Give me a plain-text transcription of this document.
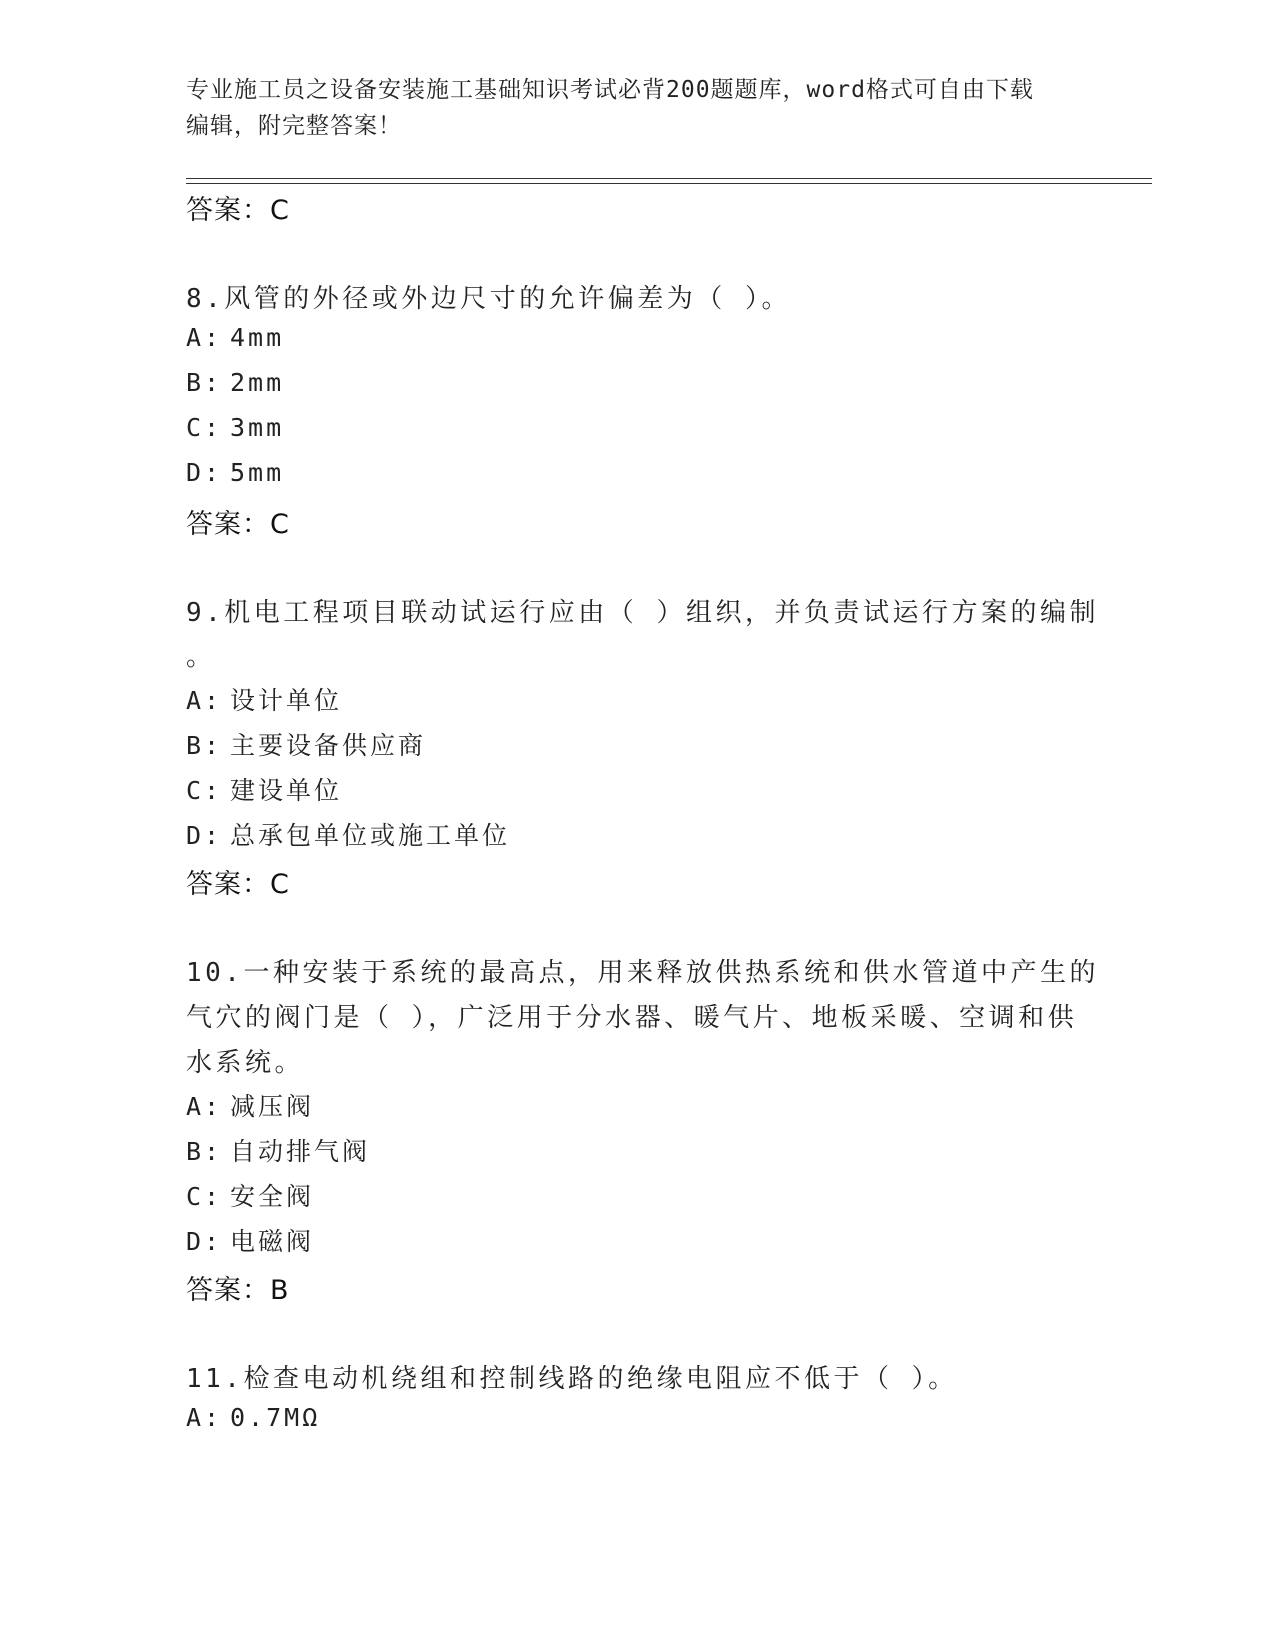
专业施工员之设备安装施工基础知识考试必背200题题库，word格式可自由下载
编辑，附完整答案！
答案：C
8.风管的外径或外边尺寸的允许偏差为（ ）。
A: 4mm
B: 2mm
C: 3mm
D: 5mm
答案：C
9.机电工程项目联动试运行应由（ ）组织，并负责试运行方案的编制
。
A: 设计单位
B: 主要设备供应商
C: 建设单位
D: 总承包单位或施工单位
答案：C
10.一种安装于系统的最高点，用来释放供热系统和供水管道中产生的
气穴的阀门是（ ），广泛用于分水器、暖气片、地板采暖、空调和供
水系统。
A: 减压阀
B: 自动排气阀
C: 安全阀
D: 电磁阀
答案：B
11.检查电动机绕组和控制线路的绝缘电阻应不低于（ ）。
A: 0.7MΩ
